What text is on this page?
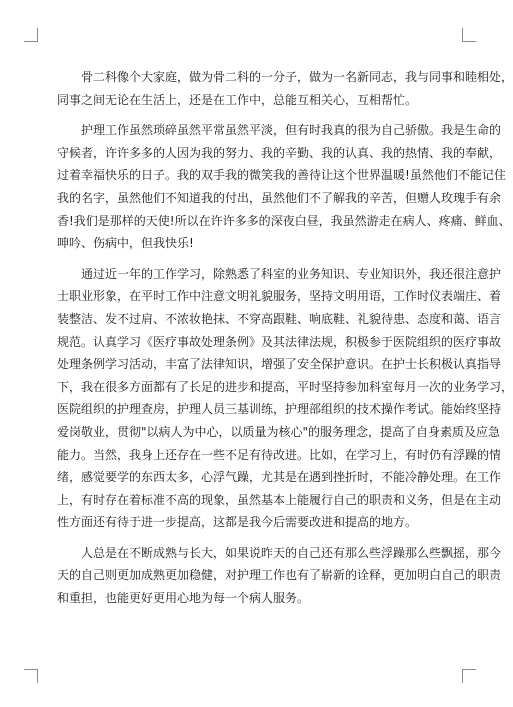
　　骨二科像个大家庭，做为骨二科的一分子，做为一名新同志，我与同事和睦相处，
同事之间无论在生活上，还是在工作中，总能互相关心，互相帮忙。

　　护理工作虽然琐碎虽然平常虽然平淡，但有时我真的很为自己骄傲。我是生命的
守候者，许许多多的人因为我的努力、我的辛勤、我的认真、我的热情、我的奉献，
过着幸福快乐的日子。我的双手我的微笑我的善待让这个世界温暖!虽然他们不能记住
我的名字，虽然他们不知道我的付出，虽然他们不了解我的辛苦，但赠人玫瑰手有余
香!我们是那样的天使!所以在许许多多的深夜白昼，我虽然游走在病人、疼痛、鲜血、
呻吟、伤病中，但我快乐!

　　通过近一年的工作学习，除熟悉了科室的业务知识、专业知识外，我还很注意护
士职业形象，在平时工作中注意文明礼貌服务，坚持文明用语，工作时仪表端庄、着
装整洁、发不过肩、不浓妆艳抹、不穿高跟鞋、响底鞋、礼貌待患、态度和蔼、语言
规范。认真学习《医疗事故处理条例》及其法律法规，积极参于医院组织的医疗事故
处理条例学习活动，丰富了法律知识，增强了安全保护意识。在护士长积极认真指导
下，我在很多方面都有了长足的进步和提高，平时坚持参加科室每月一次的业务学习，
医院组织的护理查房，护理人员三基训练，护理部组织的技术操作考试。能始终坚持
爱岗敬业，贯彻"以病人为中心，以质量为核心"的服务理念，提高了自身素质及应急
能力。当然，我身上还存在一些不足有待改进。比如，在学习上，有时仍有浮躁的情
绪，感觉要学的东西太多，心浮气躁，尤其是在遇到挫折时，不能冷静处理。在工作
上，有时存在着标准不高的现象，虽然基本上能履行自己的职责和义务，但是在主动
性方面还有待于进一步提高，这都是我今后需要改进和提高的地方。

　　人总是在不断成熟与长大，如果说昨天的自己还有那么些浮躁那么些飘摇，那今
天的自己则更加成熟更加稳健，对护理工作也有了崭新的诠释，更加明白自己的职责
和重担，也能更好更用心地为每一个病人服务。
